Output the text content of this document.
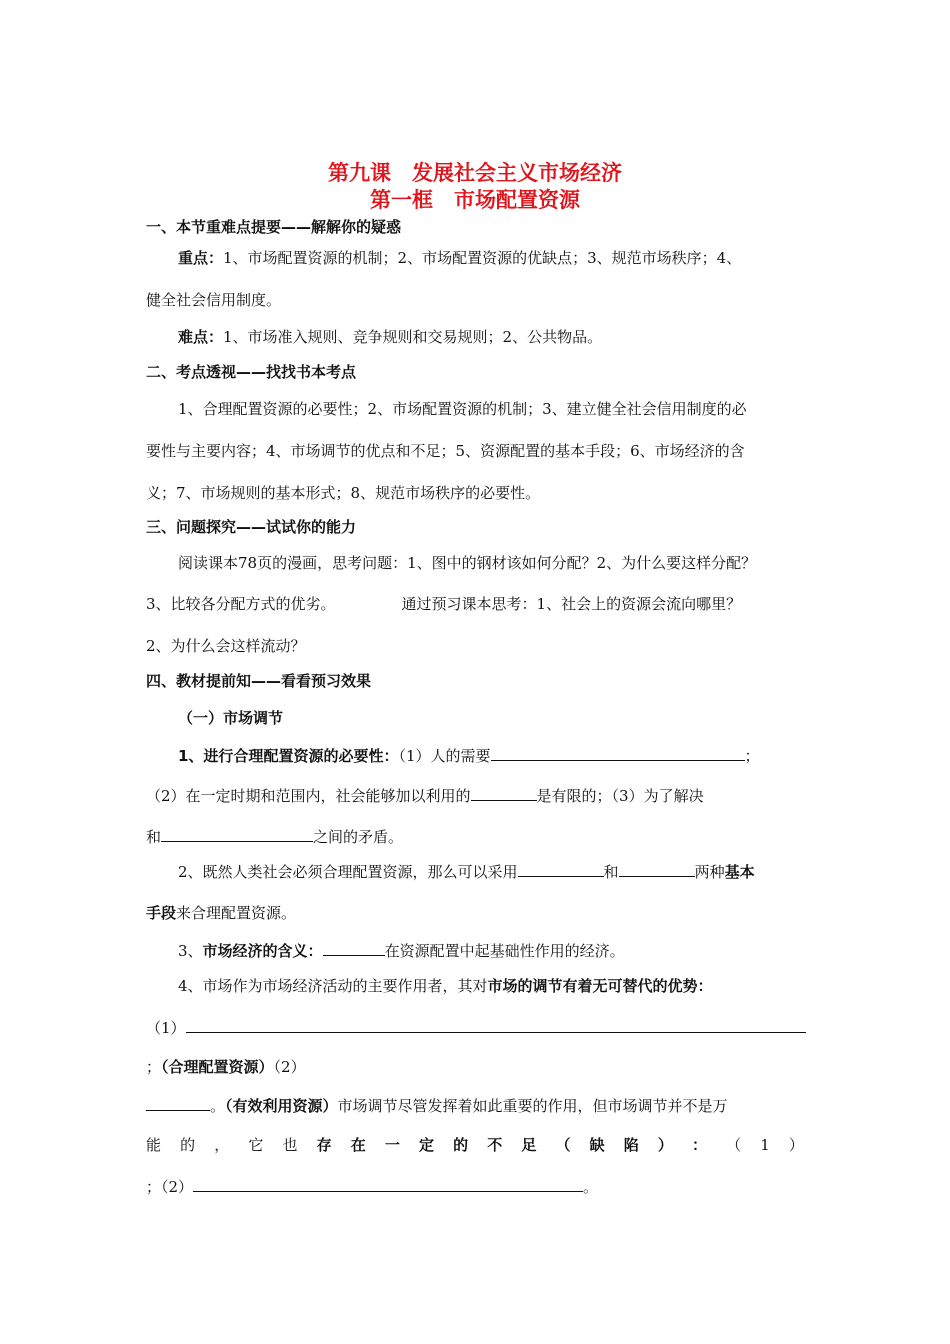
第九课　发展社会主义市场经济
第一框　市场配置资源
一、本节重难点提要——解解你的疑惑
重点：1、市场配置资源的机制；2、市场配置资源的优缺点；3、规范市场秩序；4、
健全社会信用制度。
难点：1、市场准入规则、竞争规则和交易规则；2、公共物品。
二、考点透视——找找书本考点
1、合理配置资源的必要性；2、市场配置资源的机制；3、建立健全社会信用制度的必
要性与主要内容；4、市场调节的优点和不足；5、资源配置的基本手段；6、市场经济的含
义；7、市场规则的基本形式；8、规范市场秩序的必要性。
三、问题探究——试试你的能力
阅读课本78页的漫画，思考问题：1、图中的钢材该如何分配？2、为什么要这样分配？
3、比较各分配方式的优劣。	通过预习课本思考：1、社会上的资源会流向哪里？
2、为什么会这样流动？
四、教材提前知——看看预习效果
（一）市场调节
1、进行合理配置资源的必要性：（1）人的需要	；
（2）在一定时期和范围内，社会能够加以利用的	是有限的；（3）为了解决
和	之间的矛盾。
2、既然人类社会必须合理配置资源，那么可以采用	和	两种基本
手段来合理配置资源。
3、市场经济的含义：	在资源配置中起基础性作用的经济。
4、市场作为市场经济活动的主要作用者，其对市场的调节有着无可替代的优势：
（1）
；（合理配置资源）（2）
。（有效利用资源）市场调节尽管发挥着如此重要的作用，但市场调节并不是万
能 的 ， 它 也 存 在 一 定 的 不 足 （ 缺 陷 ） ： （ 1 ）
；（2）	。
